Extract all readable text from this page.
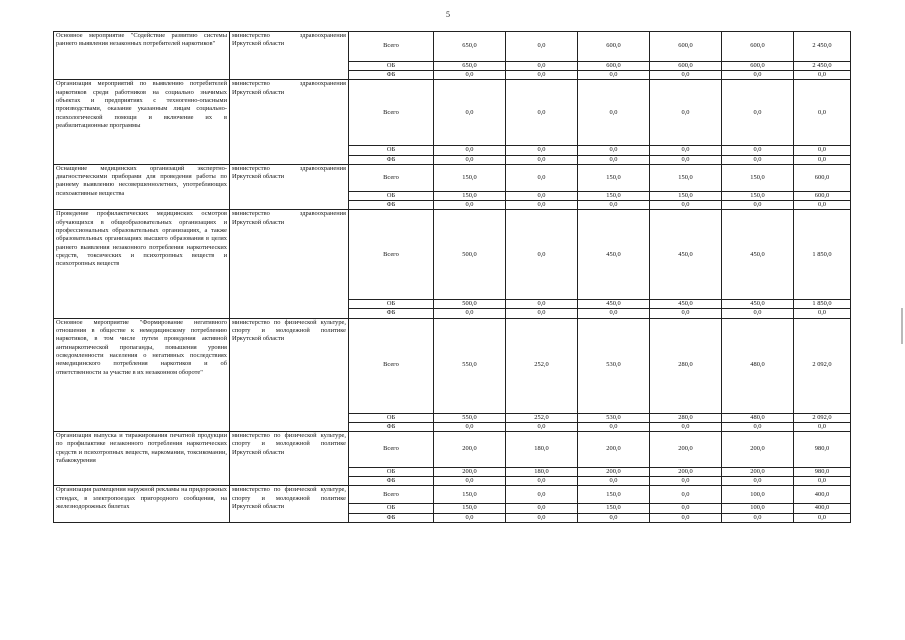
5
Основное мероприятие "Содействие развитию системы раннего выявления незаконных потребителей наркотиков"	министерство здравоохранения Иркутской области	Всего	650,0	0,0	600,0	600,0	600,0	2 450,0
		ОБ	650,0	0,0	600,0	600,0	600,0	2 450,0
		ФБ	0,0	0,0	0,0	0,0	0,0	0,0
Организация мероприятий по выявлению потребителей наркотиков среди работников на социально значимых объектах и предприятиях с техногенно-опасными производствами, оказание указанным лицам социально-психологической помощи и включение их в реабилитационные программы	министерство здравоохранения Иркутской области	Всего	0,0	0,0	0,0	0,0	0,0	0,0
		ОБ	0,0	0,0	0,0	0,0	0,0	0,0
		ФБ	0,0	0,0	0,0	0,0	0,0	0,0
Оснащение медицинских организаций экспертно-диагностическими приборами для проведения работы по раннему выявлению несовершеннолетних, употребляющих психоактивные вещества	министерство здравоохранения Иркутской области	Всего	150,0	0,0	150,0	150,0	150,0	600,0
		ОБ	150,0	0,0	150,0	150,0	150,0	600,0
		ФБ	0,0	0,0	0,0	0,0	0,0	0,0
Проведение профилактических медицинских осмотров обучающихся в общеобразовательных организациях и профессиональных образовательных организациях, а также образовательных организациях высшего образования в целях раннего выявления незаконного потребления наркотических средств, токсических и психотропных веществ и психотропных веществ	министерство здравоохранения Иркутской области	Всего	500,0	0,0	450,0	450,0	450,0	1 850,0
		ОБ	500,0	0,0	450,0	450,0	450,0	1 850,0
		ФБ	0,0	0,0	0,0	0,0	0,0	0,0
Основное мероприятие "Формирование негативного отношения в обществе к немедицинскому потреблению наркотиков, в том числе путем проведения активной антинаркотической пропаганды, повышения уровня осведомленности населения о негативных последствиях немедицинского потребления наркотиков и об ответственности за участие в их незаконном обороте"	министерство по физической культуре, спорту и молодежной политике Иркутской области	Всего	550,0	252,0	530,0	280,0	480,0	2 092,0
		ОБ	550,0	252,0	530,0	280,0	480,0	2 092,0
		ФБ	0,0	0,0	0,0	0,0	0,0	0,0
Организация выпуска и тиражирования печатной продукции по профилактике незаконного потребления наркотических средств и психотропных веществ, наркомании, токсикомании, табакокурения	министерство по физической культуре, спорту и молодежной политике Иркутской области	Всего	200,0	180,0	200,0	200,0	200,0	980,0
		ОБ	200,0	180,0	200,0	200,0	200,0	980,0
		ФБ	0,0	0,0	0,0	0,0	0,0	0,0
Организация размещения наружной рекламы на придорожных стендах, в электропоездах пригородного сообщения, на железнодорожных билетах	министерство по физической культуре, спорту и молодежной политике Иркутской области	Всего	150,0	0,0	150,0	0,0	100,0	400,0
		ОБ	150,0	0,0	150,0	0,0	100,0	400,0
		ФБ	0,0	0,0	0,0	0,0	0,0	0,0
